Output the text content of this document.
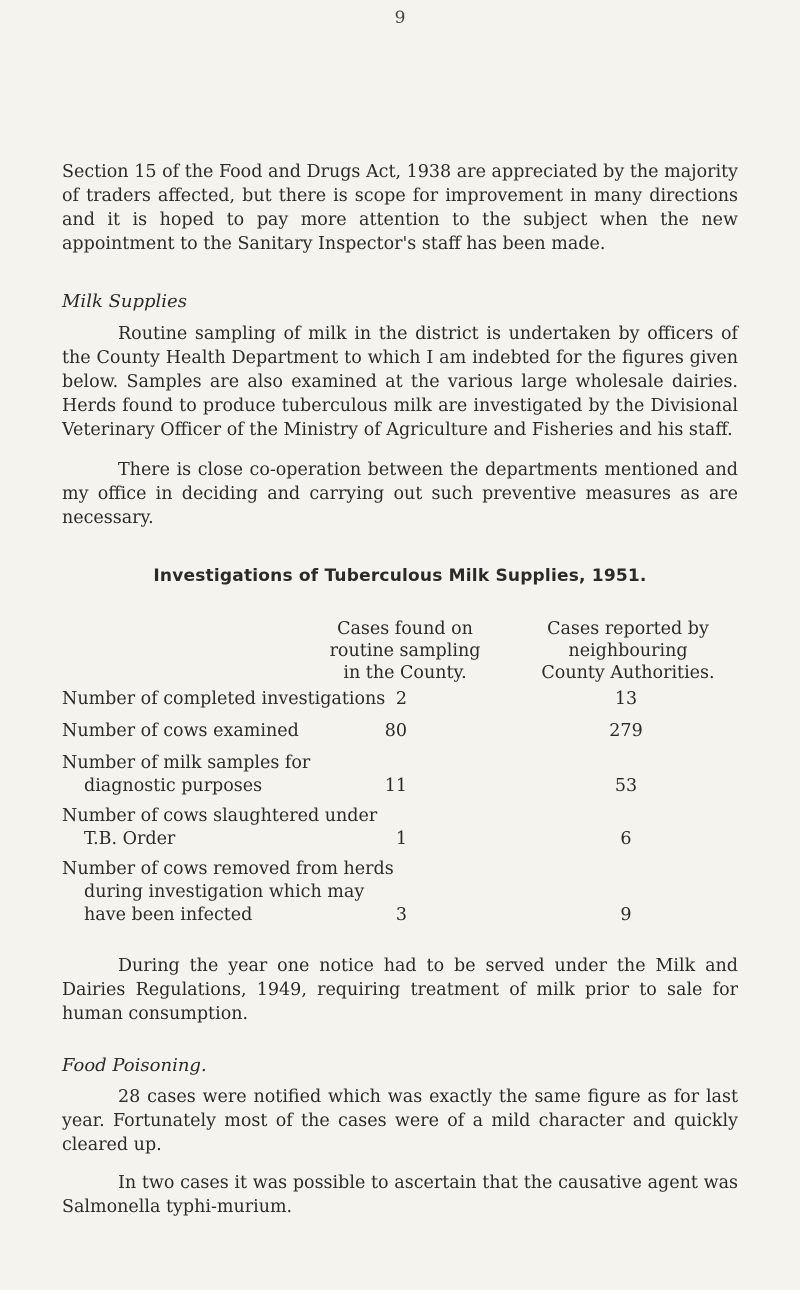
9

Section 15 of the Food and Drugs Act, 1938 are appreciated by the majority of traders affected, but there is scope for improvement in many directions and it is hoped to pay more attention to the subject when the new appointment to the Sanitary Inspector's staff has been made.

Milk Supplies

Routine sampling of milk in the district is undertaken by officers of the County Health Department to which I am indebted for the figures given below. Samples are also examined at the various large wholesale dairies. Herds found to produce tuberculous milk are investigated by the Divisional Veterinary Officer of the Ministry of Agriculture and Fisheries and his staff.

There is close co-operation between the departments mentioned and my office in deciding and carrying out such preventive measures as are necessary.

Investigations of Tuberculous Milk Supplies, 1951.
Cases found on
routine sampling
in the County.
Cases reported by
neighbouring
County Authorities.
Number of completed investigations 2	13
Number of cows examined	80	279
Number of milk samples for
diagnostic purposes	11	53
Number of cows slaughtered under
T.B. Order	1	6
Number of cows removed from herds
during investigation which may
have been infected	3	9

During the year one notice had to be served under the Milk and Dairies Regulations, 1949, requiring treatment of milk prior to sale for human consumption.

Food Poisoning.

28 cases were notified which was exactly the same figure as for last year. Fortunately most of the cases were of a mild character and quickly cleared up.

In two cases it was possible to ascertain that the causative agent was Salmonella typhi-murium.
